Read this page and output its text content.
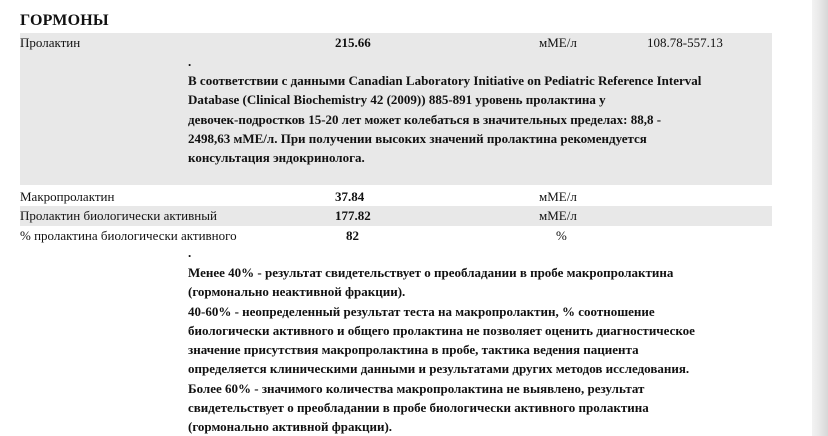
ГОРМОНЫ
Пролактин	215.66	мМЕ/л	108.78-557.13
.

В соответствии с данными Canadian Laboratory Initiative on Pediatric Reference Interval

Database (Clinical Biochemistry 42 (2009)) 885-891 уровень пролактина у

девочек-подростков 15-20 лет может колебаться в значительных пределах: 88,8 -

2498,63 мМЕ/л. При получении высоких значений пролактина рекомендуется

консультация эндокринолога.

Макропролактин	37.84	мМЕ/л
Пролактин биологически активный	177.82	мМЕ/л
% пролактина биологически активного	82	%
.

Менее 40% - результат свидетельствует о преобладании в пробе макропролактина

(гормонально неактивной фракции).

40-60% - неопределенный результат теста на макропролактин, % соотношение

биологически активного и общего пролактина не позволяет оценить диагностическое

значение присутствия макропролактина в пробе, тактика ведения пациента

определяется клиническими данными и результатами других методов исследования.

Более 60% - значимого количества макропролактина не выявлено, результат

свидетельствует о преобладании в пробе биологически активного пролактина

(гормонально активной фракции).
